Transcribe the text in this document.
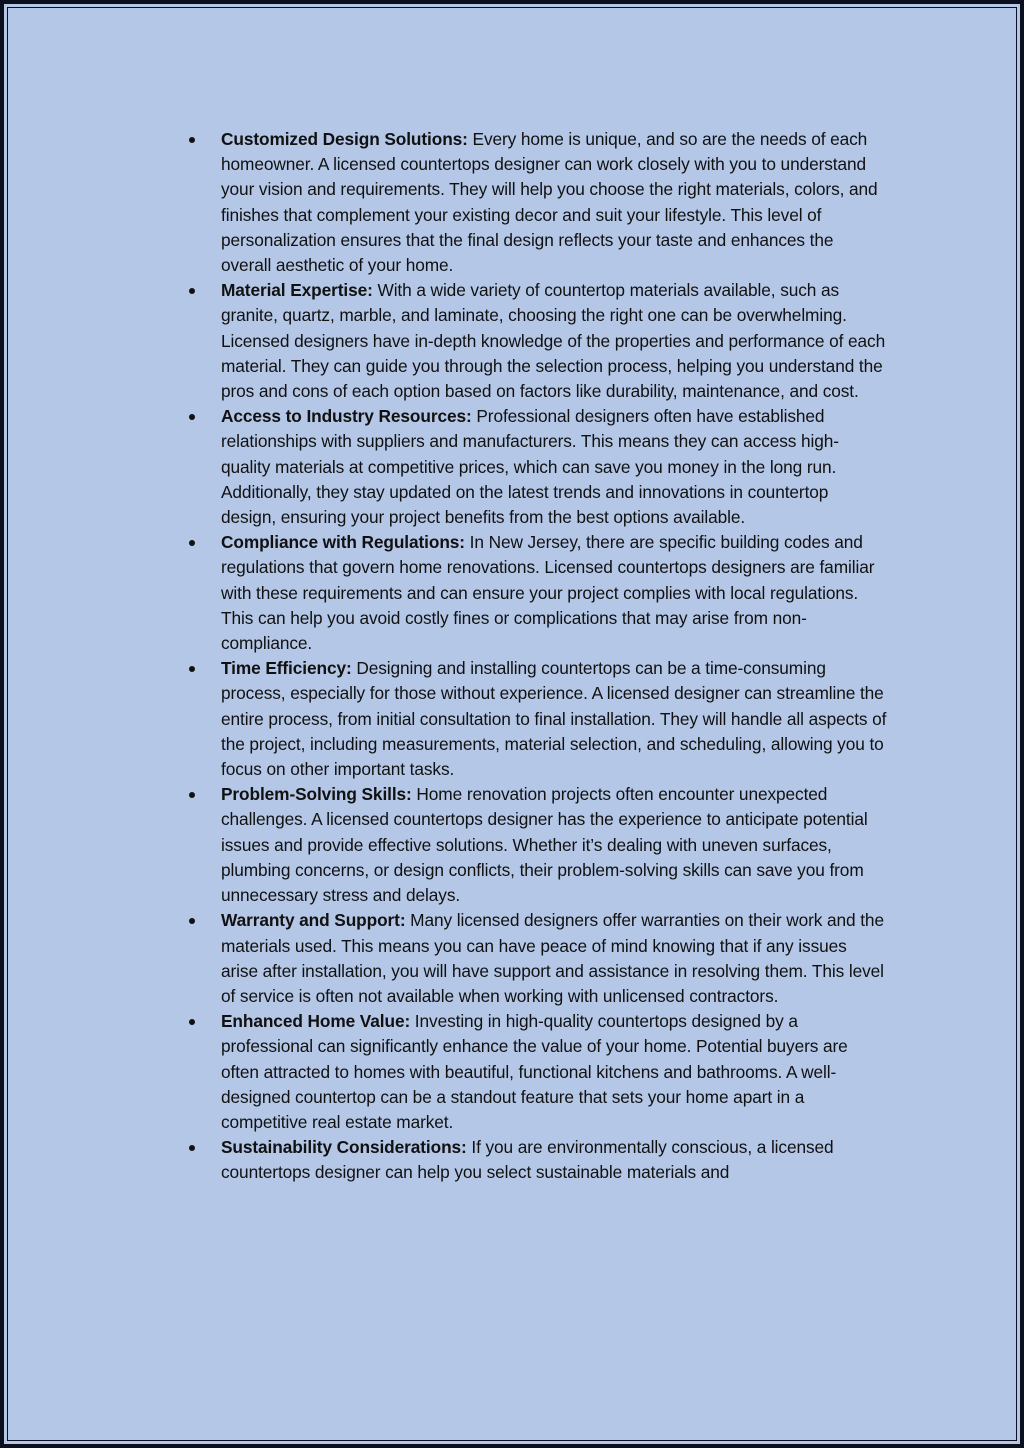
Customized Design Solutions: Every home is unique, and so are the needs of each homeowner. A licensed countertops designer can work closely with you to understand your vision and requirements. They will help you choose the right materials, colors, and finishes that complement your existing decor and suit your lifestyle. This level of personalization ensures that the final design reflects your taste and enhances the overall aesthetic of your home.
Material Expertise: With a wide variety of countertop materials available, such as granite, quartz, marble, and laminate, choosing the right one can be overwhelming. Licensed designers have in-depth knowledge of the properties and performance of each material. They can guide you through the selection process, helping you understand the pros and cons of each option based on factors like durability, maintenance, and cost.
Access to Industry Resources: Professional designers often have established relationships with suppliers and manufacturers. This means they can access high-quality materials at competitive prices, which can save you money in the long run. Additionally, they stay updated on the latest trends and innovations in countertop design, ensuring your project benefits from the best options available.
Compliance with Regulations: In New Jersey, there are specific building codes and regulations that govern home renovations. Licensed countertops designers are familiar with these requirements and can ensure your project complies with local regulations. This can help you avoid costly fines or complications that may arise from non-compliance.
Time Efficiency: Designing and installing countertops can be a time-consuming process, especially for those without experience. A licensed designer can streamline the entire process, from initial consultation to final installation. They will handle all aspects of the project, including measurements, material selection, and scheduling, allowing you to focus on other important tasks.
Problem-Solving Skills: Home renovation projects often encounter unexpected challenges. A licensed countertops designer has the experience to anticipate potential issues and provide effective solutions. Whether it’s dealing with uneven surfaces, plumbing concerns, or design conflicts, their problem-solving skills can save you from unnecessary stress and delays.
Warranty and Support: Many licensed designers offer warranties on their work and the materials used. This means you can have peace of mind knowing that if any issues arise after installation, you will have support and assistance in resolving them. This level of service is often not available when working with unlicensed contractors.
Enhanced Home Value: Investing in high-quality countertops designed by a professional can significantly enhance the value of your home. Potential buyers are often attracted to homes with beautiful, functional kitchens and bathrooms. A well-designed countertop can be a standout feature that sets your home apart in a competitive real estate market.
Sustainability Considerations: If you are environmentally conscious, a licensed countertops designer can help you select sustainable materials and
